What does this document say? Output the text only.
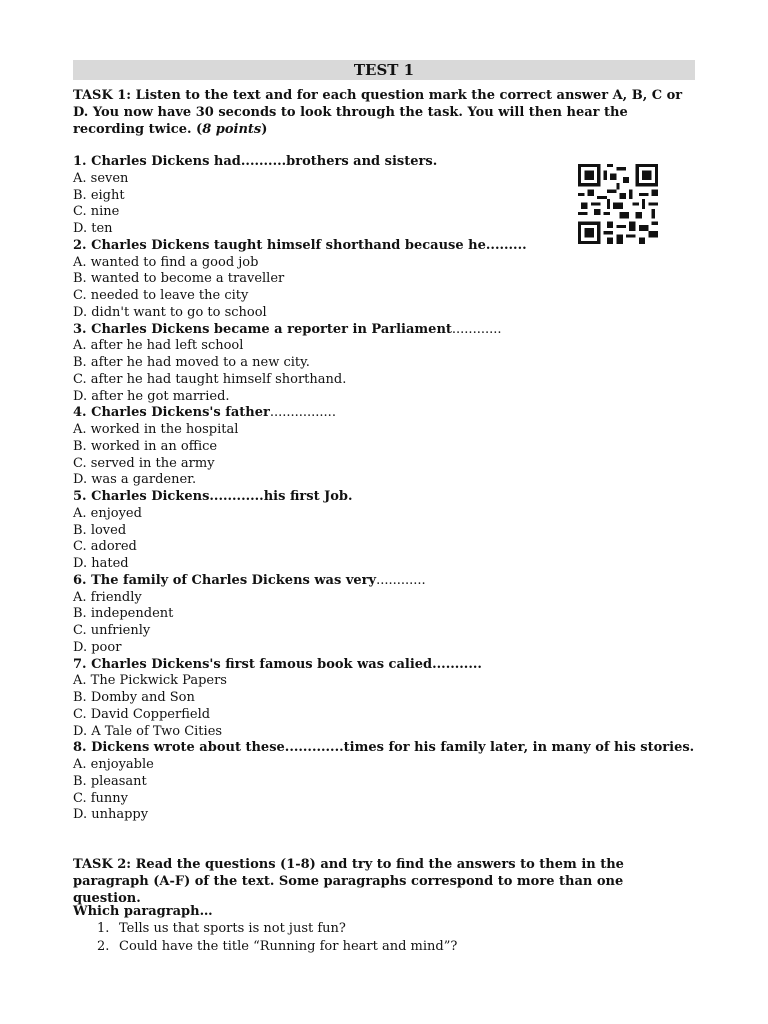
TEST 1
TASK 1: Listen to the text and for each question mark the correct answer A, B, C or D. You now have 30 seconds to look through the task. You will then hear the recording twice. (8 points)
1. Charles Dickens had..........brothers and sisters.
A. seven
B. eight
C. nine
D. ten
2. Charles Dickens taught himself shorthand because he.........
A. wanted to find a good job
B. wanted to become a traveller
C. needed to leave the city
D. didn't want to go to school
3. Charles Dickens became a reporter in Parliament............
A. after he had left school
B. after he had moved to a new city.
C. after he had taught himself shorthand.
D. after he got married.
4. Charles Dickens's father................
A. worked in the hospital
B. worked in an office
C. served in the army
D. was a gardener.
5. Charles Dickens............his first Job.
A. enjoyed
B. loved
C. adored
D. hated
6. The family of Charles Dickens was very............
A. friendly
B. independent
C. unfrienly
D. poor
7. Charles Dickens's first famous book was calied...........
A. The Pickwick Papers
B. Domby and Son
C. David Copperfield
D. A Tale of Two Cities
8. Dickens wrote about these.............times for his family later, in many of his stories.
A. enjoyable
B. pleasant
C. funny
D. unhappy
TASK 2: Read the questions (1-8) and try to find the answers to them in the paragraph (A-F) of the text. Some paragraphs correspond to more than one question.
Which paragraph…
1. Tells us that sports is not just fun?
2. Could have the title “Running for heart and mind”?
